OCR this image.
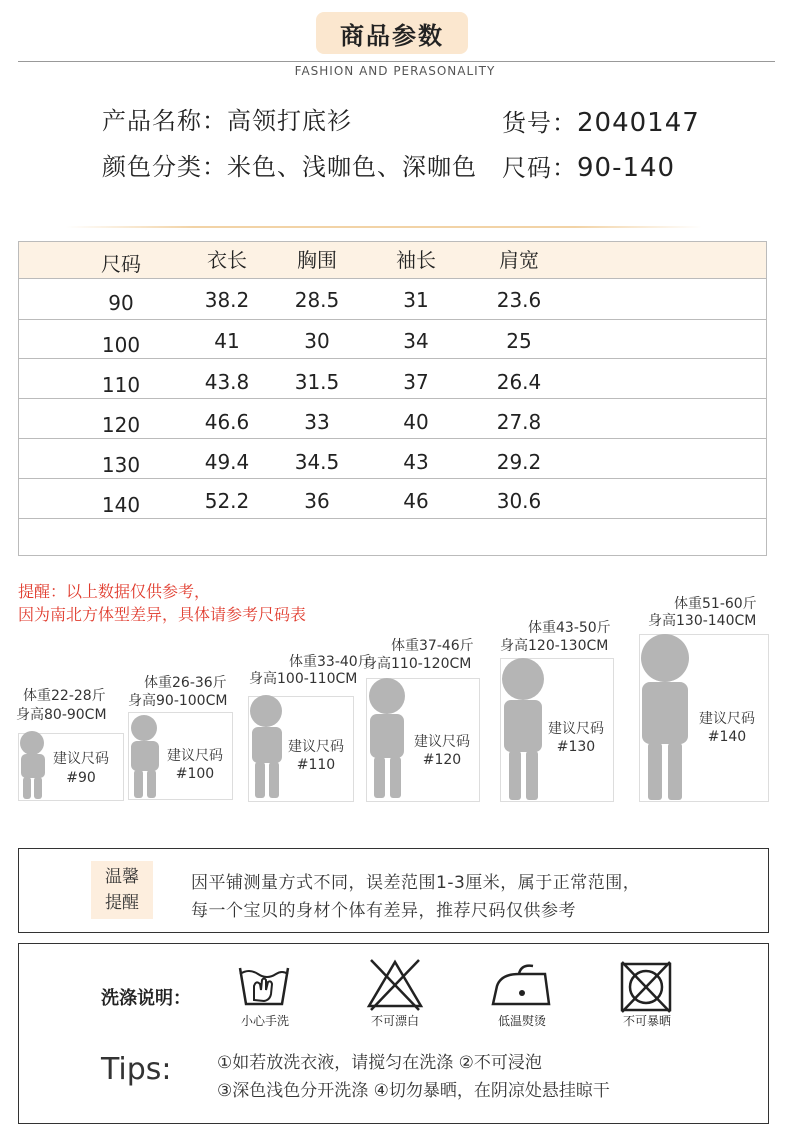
商品参数
FASHION AND PERASONALITY
产品名称：高领打底衫	货号：2040147
颜色分类：米色、浅咖色、深咖色 尺码：90-140
尺码	衣长	胸围	袖长	肩宽
90	38.2	28.5	31	23.6
100	41	30	34	25
110	43.8	31.5	37	26.4
120	46.6	33	40	27.8
130	49.4	34.5	43	29.2
140	52.2	36	46	30.6
提醒：以上数据仅供参考，
因为南北方体型差异，具体请参考尺码表
体重22-28斤
身高80-90CM
建议尺码
#90
体重26-36斤
身高90-100CM
建议尺码
#100
体重33-40斤
身高100-110CM
建议尺码
#110
体重37-46斤
身高110-120CM
建议尺码
#120
体重43-50斤
身高120-130CM
建议尺码
#130
体重51-60斤
身高130-140CM
建议尺码
#140
温馨
提醒
因平铺测量方式不同，误差范围1-3厘米，属于正常范围，
每一个宝贝的身材个体有差异，推荐尺码仅供参考
洗涤说明：
小心手洗	不可漂白	低温熨烫	不可暴晒
Tips:	①如若放洗衣液，请搅匀在洗涤 ②不可浸泡
③深色浅色分开洗涤 ④切勿暴晒，在阴凉处悬挂晾干
